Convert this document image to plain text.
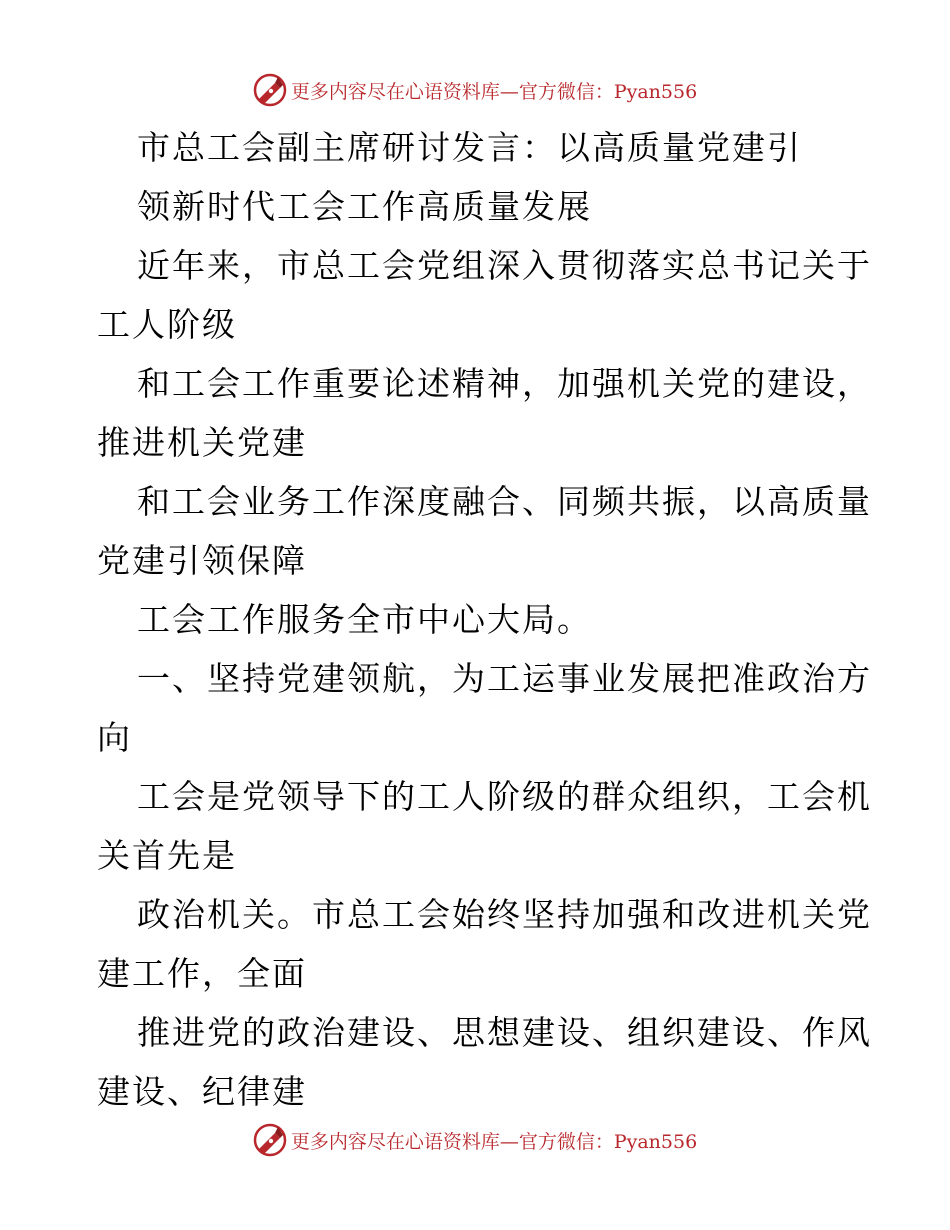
更多内容尽在心语资料库—官方微信：Pyan556
市总工会副主席研讨发言：以高质量党建引
领新时代工会工作高质量发展
近年来，市总工会党组深入贯彻落实总书记关于
工人阶级
和工会工作重要论述精神，加强机关党的建设，
推进机关党建
和工会业务工作深度融合、同频共振，以高质量
党建引领保障
工会工作服务全市中心大局。
一、坚持党建领航，为工运事业发展把准政治方
向
工会是党领导下的工人阶级的群众组织，工会机
关首先是
政治机关。市总工会始终坚持加强和改进机关党
建工作，全面
推进党的政治建设、思想建设、组织建设、作风
建设、纪律建
更多内容尽在心语资料库—官方微信：Pyan556
